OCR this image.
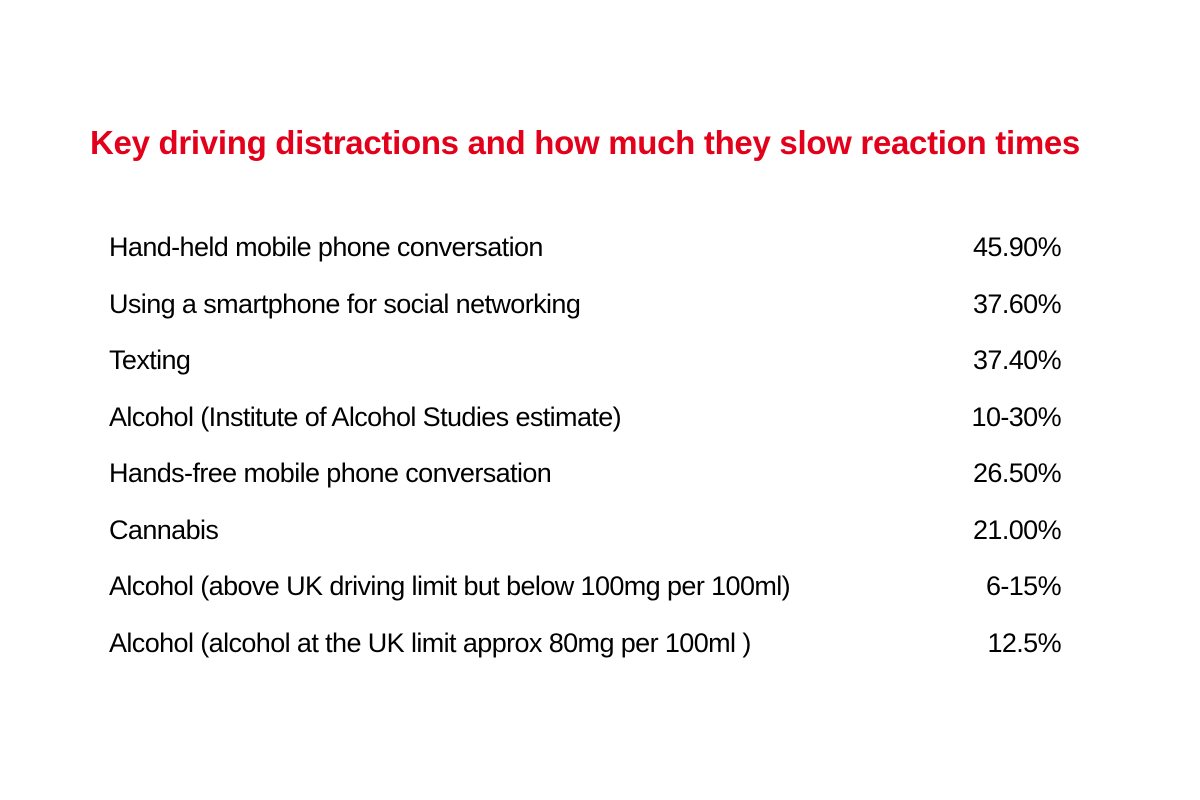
Key driving distractions and how much they slow reaction times
Hand-held mobile phone conversation	45.90%
Using a smartphone for social networking	37.60%
Texting	37.40%
Alcohol (Institute of Alcohol Studies estimate)	10-30%
Hands-free mobile phone conversation	26.50%
Cannabis	21.00%
Alcohol (above UK driving limit but below 100mg per 100ml)	6-15%
Alcohol (alcohol at the UK limit approx 80mg per 100ml )	12.5%
